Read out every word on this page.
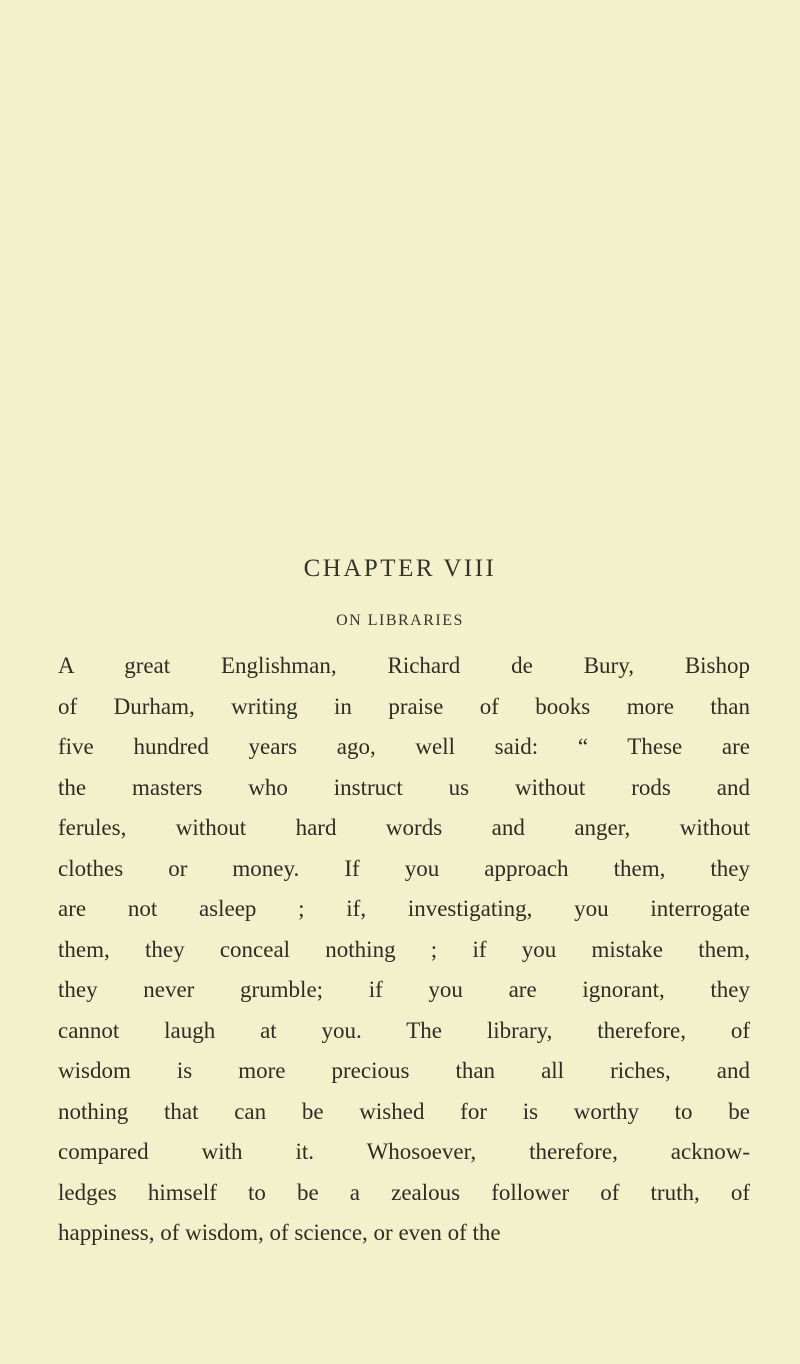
CHAPTER VIII
ON LIBRARIES
A great Englishman, Richard de Bury, Bishop
of Durham, writing in praise of books more than
five hundred years ago, well said: “ These are
the masters who instruct us without rods and
ferules, without hard words and anger, without
clothes or money. If you approach them, they
are not asleep ; if, investigating, you interrogate
them, they conceal nothing ; if you mistake them,
they never grumble; if you are ignorant, they
cannot laugh at you. The library, therefore, of
wisdom is more precious than all riches, and
nothing that can be wished for is worthy to be
compared with it. Whosoever, therefore, acknow-
ledges himself to be a zealous follower of truth, of
happiness, of wisdom, of science, or even of the
